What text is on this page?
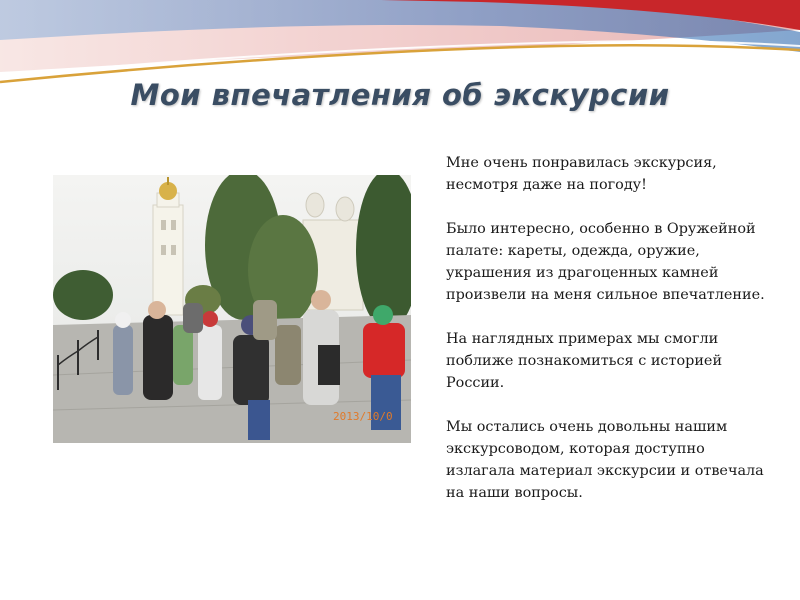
Мои впечатления об экскурсии
2013/10/0

Мне очень понравилась экскурсия, несмотря даже на погоду!

Было интересно, особенно в Оружейной палате: кареты, одежда, оружие, украшения из драгоценных камней произвели на меня сильное впечатление.

На наглядных примерах мы смогли поближе познакомиться с историей России.

Мы остались очень довольны нашим экскурсоводом, которая доступно излагала материал экскурсии и отвечала на наши вопросы.
